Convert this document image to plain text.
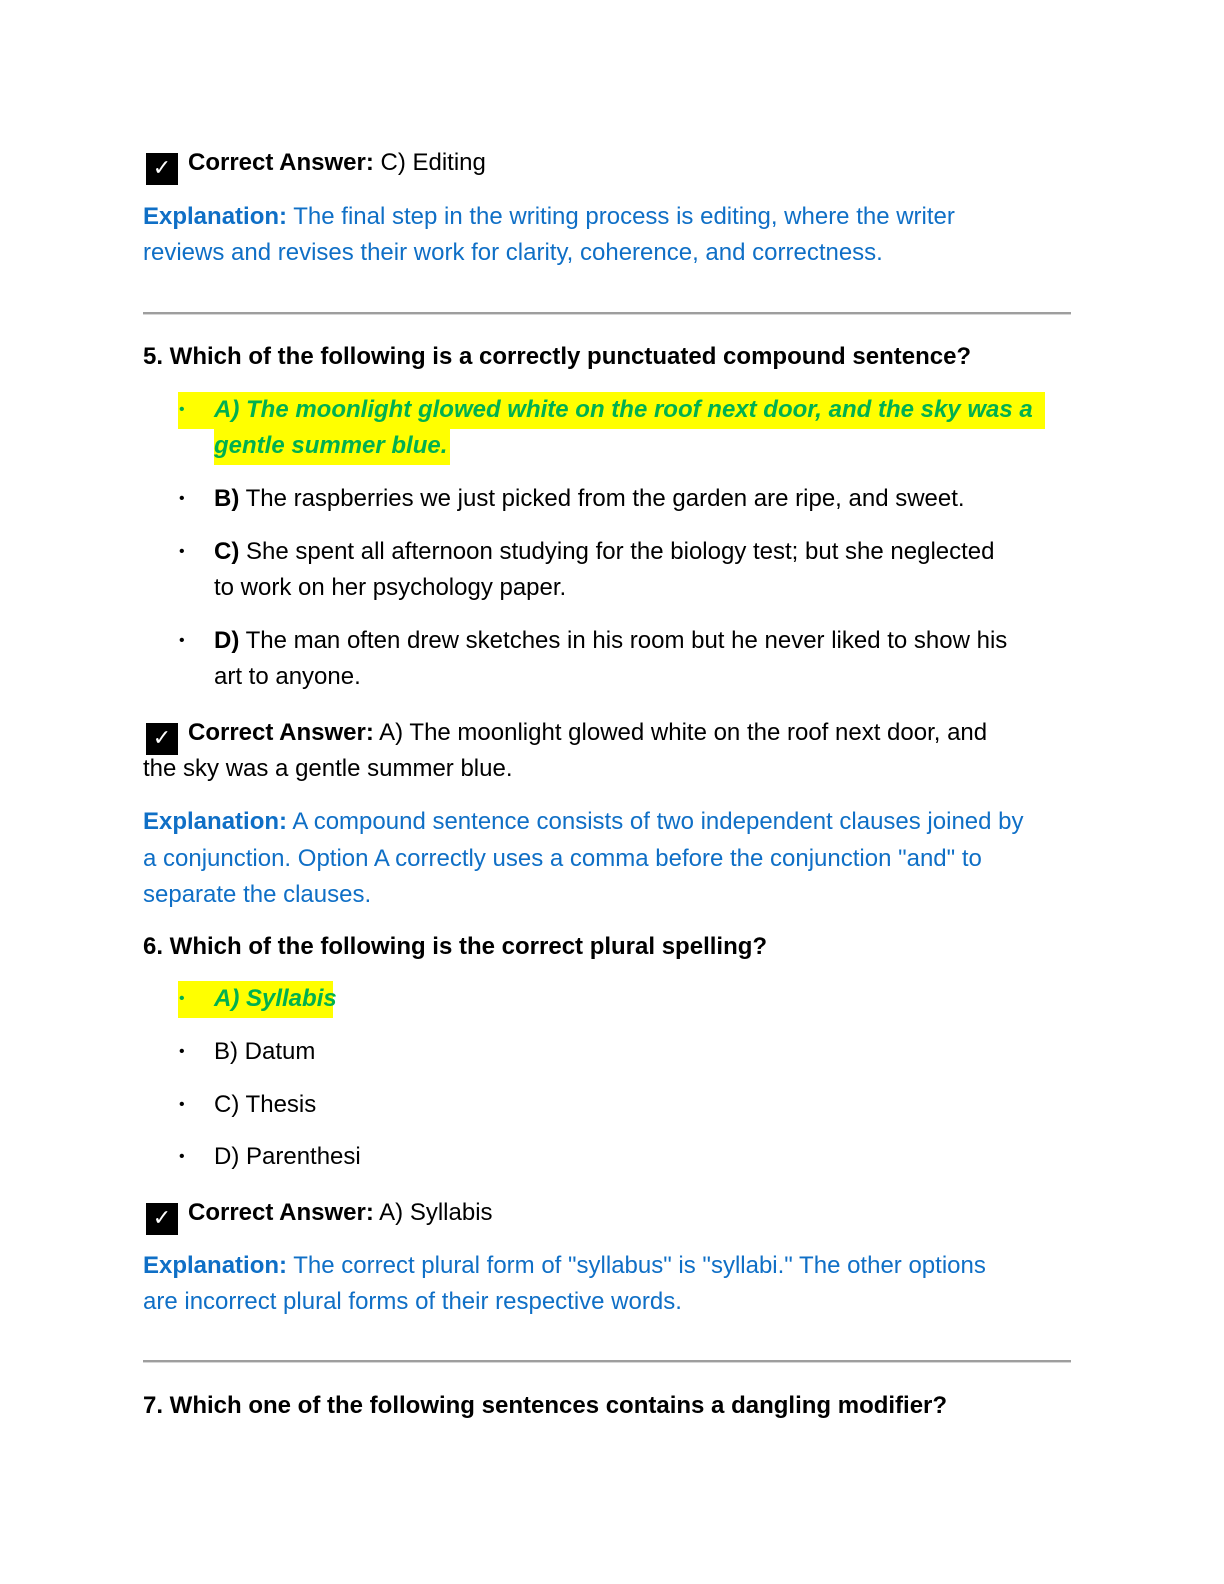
✓ Correct Answer: C) Editing
Explanation: The final step in the writing process is editing, where the writer
reviews and revises their work for clarity, coherence, and correctness.
5. Which of the following is a correctly punctuated compound sentence?
• A) The moonlight glowed white on the roof next door, and the sky was a
gentle summer blue.
• B) The raspberries we just picked from the garden are ripe, and sweet.
• C) She spent all afternoon studying for the biology test; but she neglected
to work on her psychology paper.
• D) The man often drew sketches in his room but he never liked to show his
art to anyone.
✓ Correct Answer: A) The moonlight glowed white on the roof next door, and
the sky was a gentle summer blue.
Explanation: A compound sentence consists of two independent clauses joined by
a conjunction. Option A correctly uses a comma before the conjunction "and" to
separate the clauses.
6. Which of the following is the correct plural spelling?
• A) Syllabis
• B) Datum
• C) Thesis
• D) Parenthesi
✓ Correct Answer: A) Syllabis
Explanation: The correct plural form of "syllabus" is "syllabi." The other options
are incorrect plural forms of their respective words.
7. Which one of the following sentences contains a dangling modifier?
